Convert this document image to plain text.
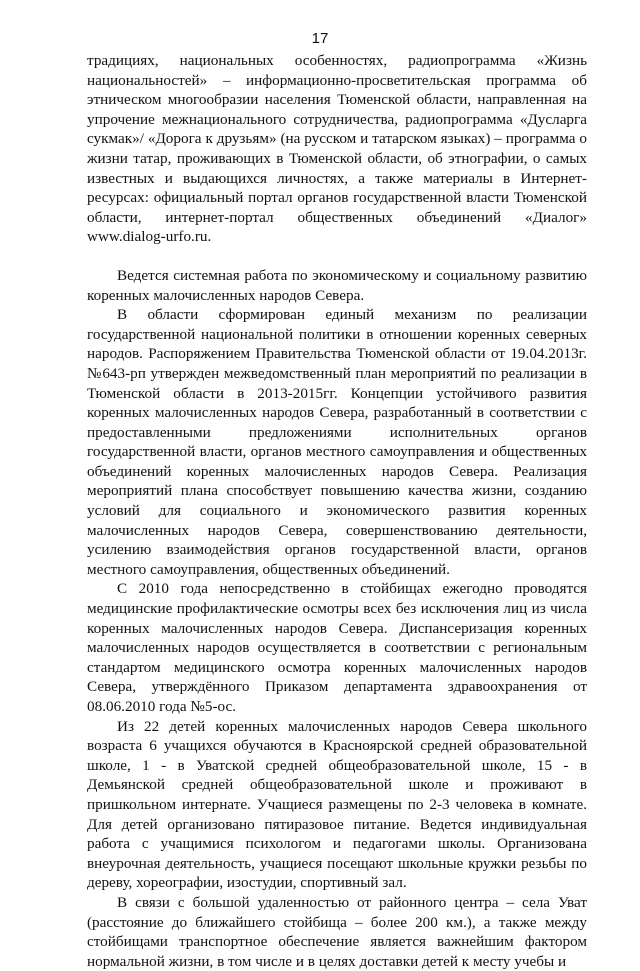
17

традициях, национальных особенностях, радиопрограмма «Жизнь национальностей» – информационно-просветительская программа об этническом многообразии населения Тюменской области, направленная на упрочение межнационального сотрудничества, радиопрограмма «Дусларга сукмак»/ «Дорога к друзьям» (на русском и татарском языках) – программа о жизни татар, проживающих в Тюменской области, об этнографии, о самых известных и выдающихся личностях, а также материалы в Интернет-ресурсах: официальный портал органов государственной власти Тюменской области, интернет-портал общественных объединений «Диалог» www.dialog-urfo.ru.

Ведется системная работа по экономическому и социальному развитию коренных малочисленных народов Севера.

В области сформирован единый механизм по реализации государственной национальной политики в отношении коренных северных народов. Распоряжением Правительства Тюменской области от 19.04.2013г. №643-рп утвержден межведомственный план мероприятий по реализации в Тюменской области в 2013-2015гг. Концепции устойчивого развития коренных малочисленных народов Севера, разработанный в соответствии с предоставленными предложениями исполнительных органов государственной власти, органов местного самоуправления и общественных объединений коренных малочисленных народов Севера. Реализация мероприятий плана способствует повышению качества жизни, созданию условий для социального и экономического развития коренных малочисленных народов Севера, совершенствованию деятельности, усилению взаимодействия органов государственной власти, органов местного самоуправления, общественных объединений.

С 2010 года непосредственно в стойбищах ежегодно проводятся медицинские профилактические осмотры всех без исключения лиц из числа коренных малочисленных народов Севера. Диспансеризация коренных малочисленных народов осуществляется в соответствии с региональным стандартом медицинского осмотра коренных малочисленных народов Севера, утверждённого Приказом департамента здравоохранения от 08.06.2010 года №5-ос.

Из 22 детей коренных малочисленных народов Севера школьного возраста 6 учащихся обучаются в Красноярской средней образовательной школе, 1 - в Уватской средней общеобразовательной школе, 15 - в Демьянской средней общеобразовательной школе и проживают в пришкольном интернате. Учащиеся размещены по 2-3 человека в комнате. Для детей организовано пятиразовое питание. Ведется индивидуальная работа с учащимися психологом и педагогами школы. Организована внеурочная деятельность, учащиеся посещают школьные кружки резьбы по дереву, хореографии, изостудии, спортивный зал.

В связи с большой удаленностью от районного центра – села Уват (расстояние до ближайшего стойбища – более 200 км.), а также между стойбищами транспортное обеспечение является важнейшим фактором нормальной жизни, в том числе и в целях доставки детей к месту учебы и
